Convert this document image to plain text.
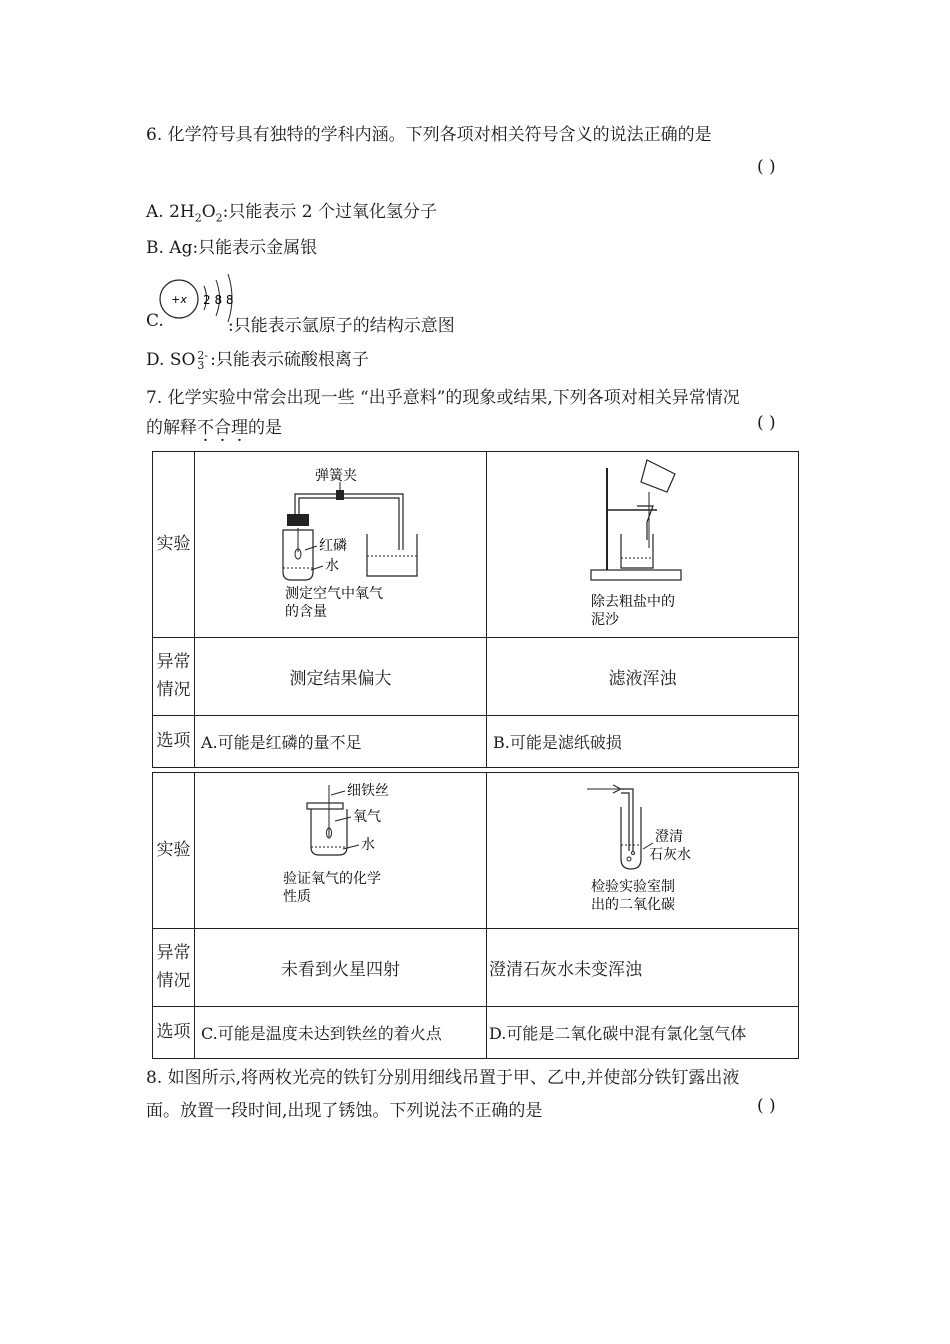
6. 化学符号具有独特的学科内涵。下列各项对相关符号含义的说法正确的是
( )
A. $2H_2O_2$:只能表示 2 个过氧化氢分子
B. Ag:只能表示金属银
+x 2 8 8
C.	:只能表示氩原子的结构示意图
D. SO 2-
3 :只能表示硫酸根离子
7. 化学实验中常会出现一些 “出乎意料”的现象或结果,下列各项对相关异常情况
的解释不合理的是	( )
实验	弹簧夹
红磷
水
测定空气中氧气
的含量	除去粗盐中的
泥沙

异常
情况	测定结果偏大	滤液浑浊
选项	A.可能是红磷的量不足	B.可能是滤纸破损

实验	细铁丝
氧气
水
验证氧气的化学
性质	澄清
石灰水
检验实验室制
出的二氧化碳

异常
情况	未看到火星四射	澄清石灰水未变浑浊
选项	C.可能是温度未达到铁丝的着火点	D.可能是二氧化碳中混有氯化氢气体
8. 如图所示,将两枚光亮的铁钉分别用细线吊置于甲、乙中,并使部分铁钉露出液
面。放置一段时间,出现了锈蚀。下列说法不正确的是	( )
